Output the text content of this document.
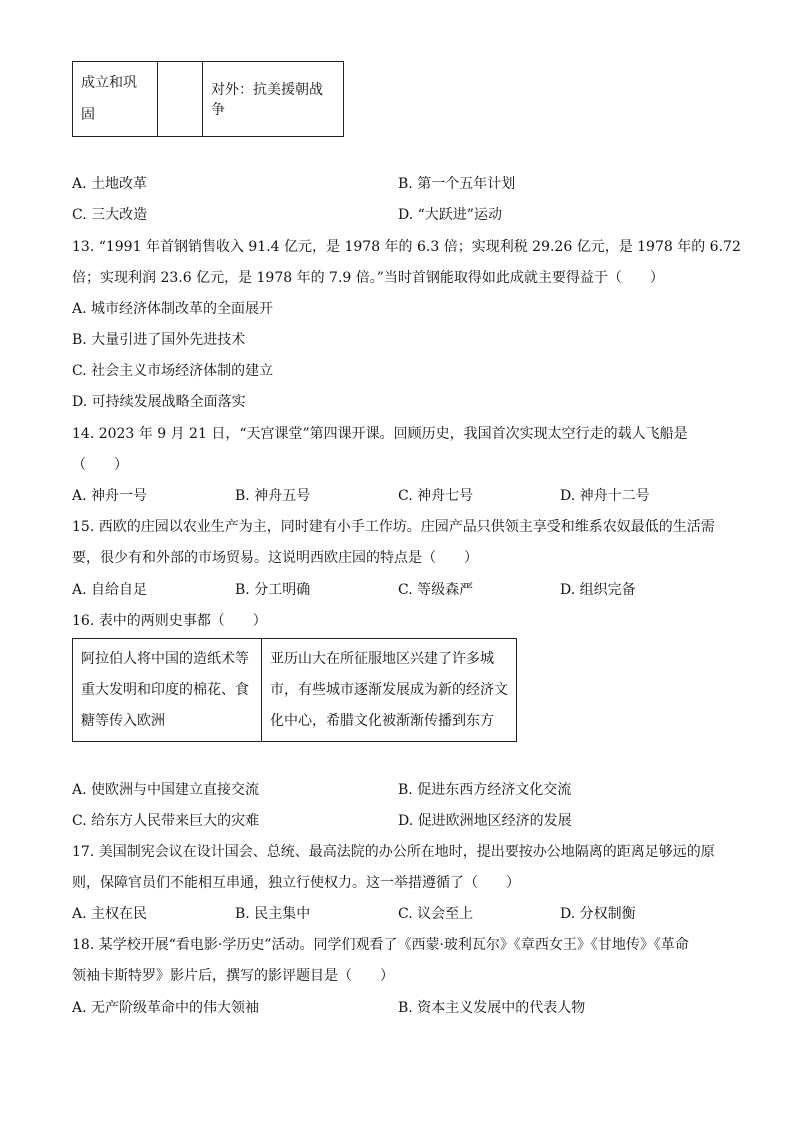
成立和巩固		对外：抗美援朝战争
A. 土地改革	B. 第一个五年计划
C. 三大改造	D. “大跃进”运动
13. “1991 年首钢销售收入 91.4 亿元，是 1978 年的 6.3 倍；实现利税 29.26 亿元，是 1978 年的 6.72
倍；实现利润 23.6 亿元，是 1978 年的 7.9 倍。”当时首钢能取得如此成就主要得益于（　　）
A. 城市经济体制改革的全面展开
B. 大量引进了国外先进技术
C. 社会主义市场经济体制的建立
D. 可持续发展战略全面落实
14. 2023 年 9 月 21 日，“天宫课堂”第四课开课。回顾历史，我国首次实现太空行走的载人飞船是
（　　）
A. 神舟一号	B. 神舟五号	C. 神舟七号	D. 神舟十二号
15. 西欧的庄园以农业生产为主，同时建有小手工作坊。庄园产品只供领主享受和维系农奴最低的生活需
要，很少有和外部的市场贸易。这说明西欧庄园的特点是（　　）
A. 自给自足	B. 分工明确	C. 等级森严	D. 组织完备
16. 表中的两则史事都（　　）
阿拉伯人将中国的造纸术等重大发明和印度的棉花、食糖等传入欧洲	亚历山大在所征服地区兴建了许多城市，有些城市逐渐发展成为新的经济文化中心，希腊文化被渐渐传播到东方
A. 使欧洲与中国建立直接交流	B. 促进东西方经济文化交流
C. 给东方人民带来巨大的灾难	D. 促进欧洲地区经济的发展
17. 美国制宪会议在设计国会、总统、最高法院的办公所在地时，提出要按办公地隔离的距离足够远的原
则，保障官员们不能相互串通，独立行使权力。这一举措遵循了（　　）
A. 主权在民	B. 民主集中	C. 议会至上	D. 分权制衡
18. 某学校开展“看电影·学历史”活动。同学们观看了《西蒙·玻利瓦尔》《章西女王》《甘地传》《革命
领袖卡斯特罗》影片后，撰写的影评题目是（　　）
A. 无产阶级革命中的伟大领袖	B. 资本主义发展中的代表人物
